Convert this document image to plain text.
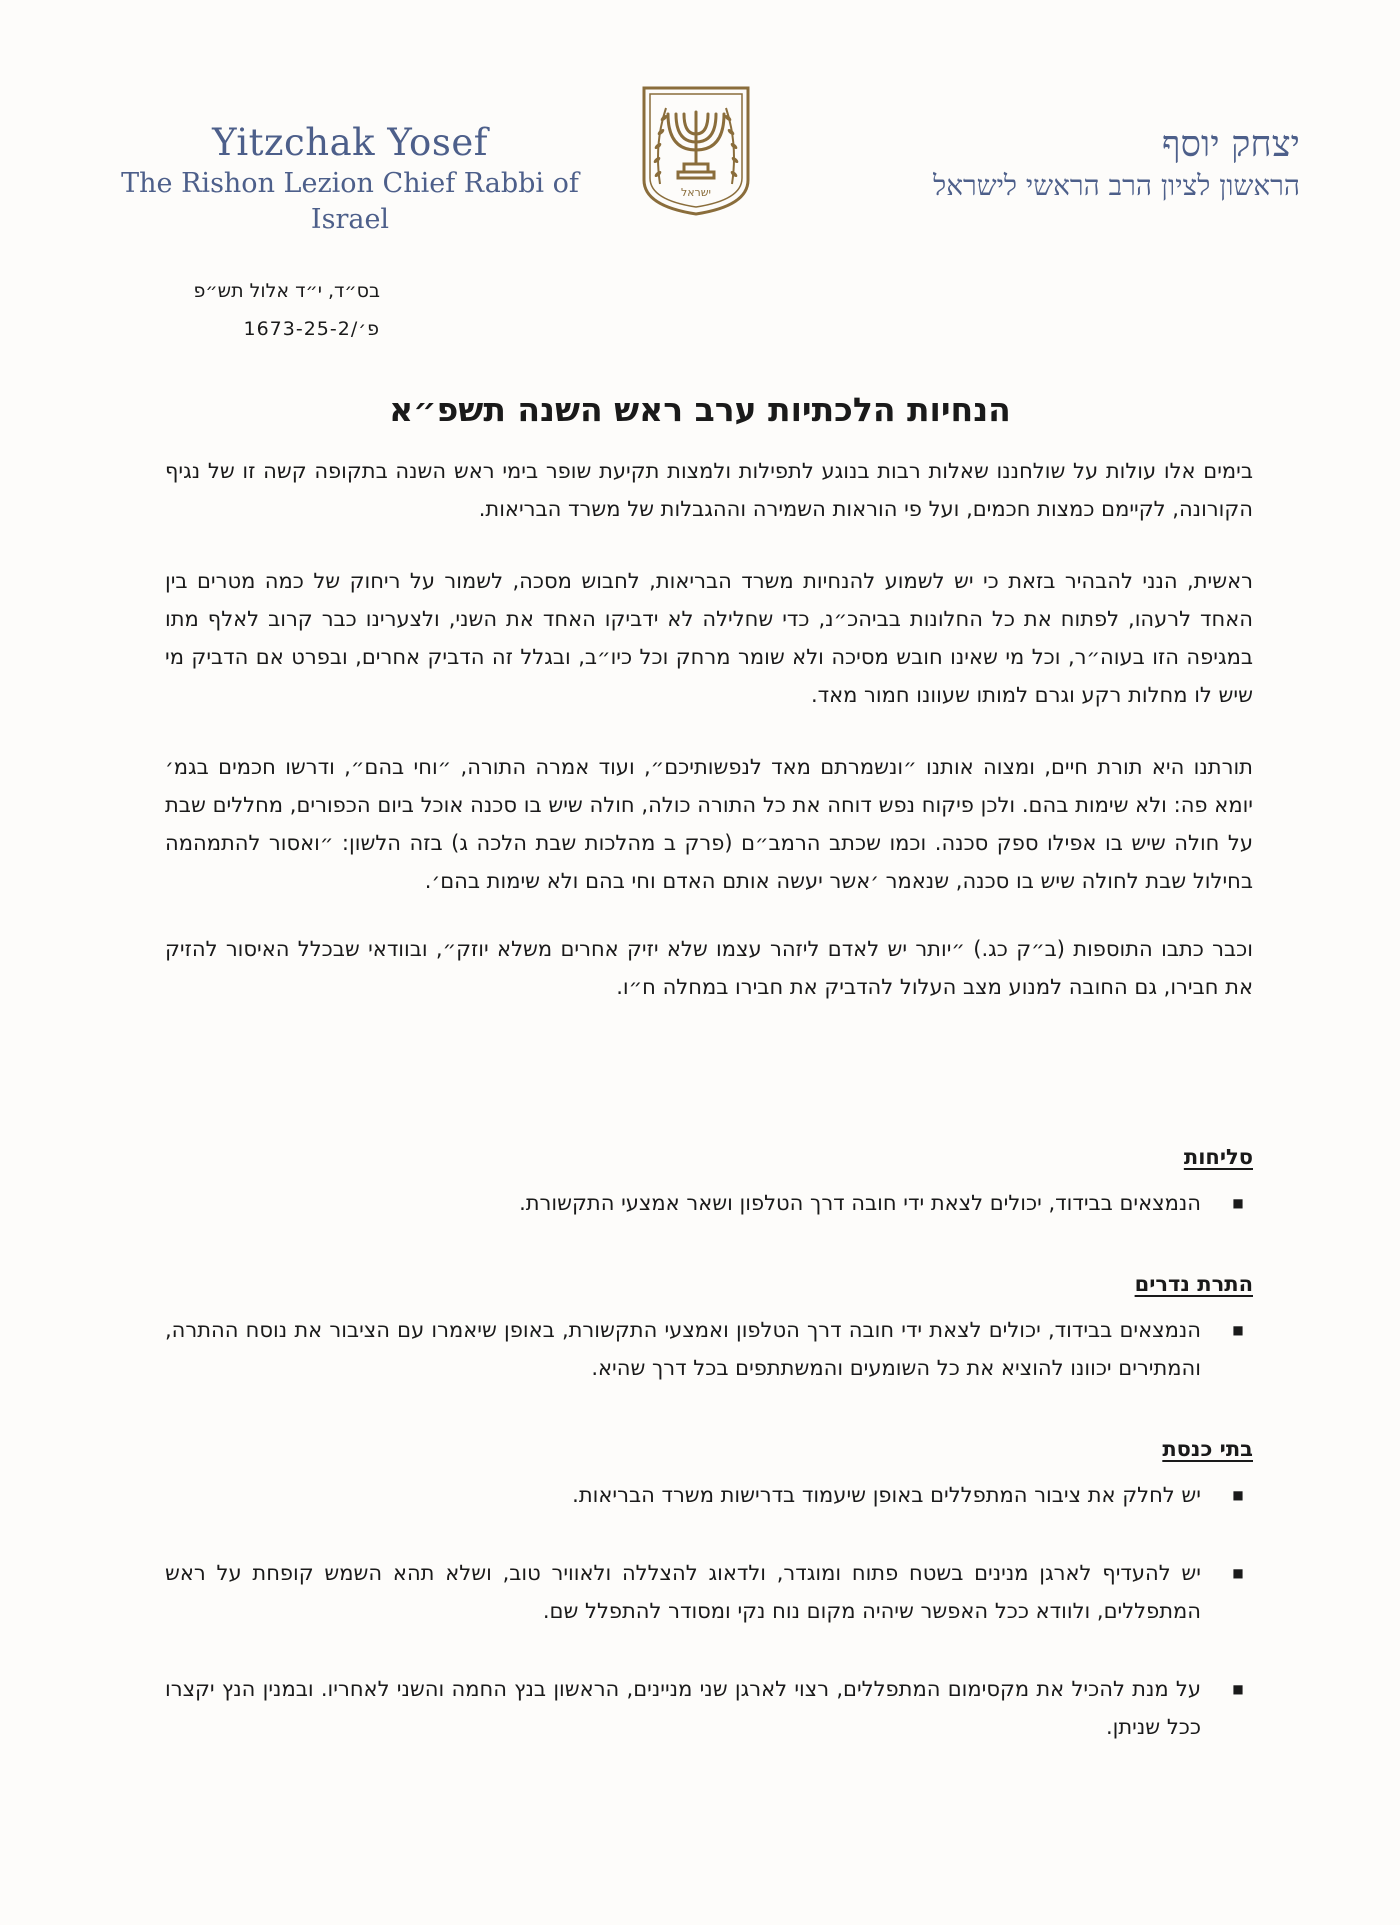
Yitzchak Yosef
The Rishon Lezion Chief Rabbi of Israel
ישראל
יצחק יוסף
הראשון לציון הרב הראשי לישראל
בס״ד, י״ד אלול תש״פ
פ׳/1673-25-2
הנחיות הלכתיות ערב ראש השנה תשפ״א

בימים אלו עולות על שולחננו שאלות רבות בנוגע לתפילות ולמצות תקיעת שופר בימי ראש השנה בתקופה קשה זו של נגיף הקורונה, לקיימם כמצות חכמים, ועל פי הוראות השמירה וההגבלות של משרד הבריאות.

ראשית, הנני להבהיר בזאת כי יש לשמוע להנחיות משרד הבריאות, לחבוש מסכה, לשמור על ריחוק של כמה מטרים בין האחד לרעהו, לפתוח את כל החלונות בביהכ״נ, כדי שחלילה לא ידביקו האחד את השני, ולצערינו כבר קרוב לאלף מתו במגיפה הזו בעוה״ר, וכל מי שאינו חובש מסיכה ולא שומר מרחק וכל כיו״ב, ובגלל זה הדביק אחרים, ובפרט אם הדביק מי שיש לו מחלות רקע וגרם למותו שעוונו חמור מאד.

תורתנו היא תורת חיים, ומצוה אותנו ״ונשמרתם מאד לנפשותיכם״, ועוד אמרה התורה, ״וחי בהם״, ודרשו חכמים בגמ׳ יומא פה: ולא שימות בהם. ולכן פיקוח נפש דוחה את כל התורה כולה, חולה שיש בו סכנה אוכל ביום הכפורים, מחללים שבת על חולה שיש בו אפילו ספק סכנה. וכמו שכתב הרמב״ם (פרק ב מהלכות שבת הלכה ג) בזה הלשון: ״ואסור להתמהמה בחילול שבת לחולה שיש בו סכנה, שנאמר ׳אשר יעשה אותם האדם וחי בהם ולא שימות בהם׳.

וכבר כתבו התוספות (ב״ק כג.) ״יותר יש לאדם ליזהר עצמו שלא יזיק אחרים משלא יוזק״, ובוודאי שבכלל האיסור להזיק את חבירו, גם החובה למנוע מצב העלול להדביק את חבירו במחלה ח״ו.

סליחות
■
הנמצאים בבידוד, יכולים לצאת ידי חובה דרך הטלפון ושאר אמצעי התקשורת.
התרת נדרים
■
הנמצאים בבידוד, יכולים לצאת ידי חובה דרך הטלפון ואמצעי התקשורת, באופן שיאמרו עם הציבור את נוסח ההתרה, והמתירים יכוונו להוציא את כל השומעים והמשתתפים בכל דרך שהיא.
בתי כנסת
■
יש לחלק את ציבור המתפללים באופן שיעמוד בדרישות משרד הבריאות.
■
יש להעדיף לארגן מנינים בשטח פתוח ומוגדר, ולדאוג להצללה ולאוויר טוב, ושלא תהא השמש קופחת על ראש המתפללים, ולוודא ככל האפשר שיהיה מקום נוח נקי ומסודר להתפלל שם.
■
על מנת להכיל את מקסימום המתפללים, רצוי לארגן שני מניינים, הראשון בנץ החמה והשני לאחריו. ובמנין הנץ יקצרו ככל שניתן.
